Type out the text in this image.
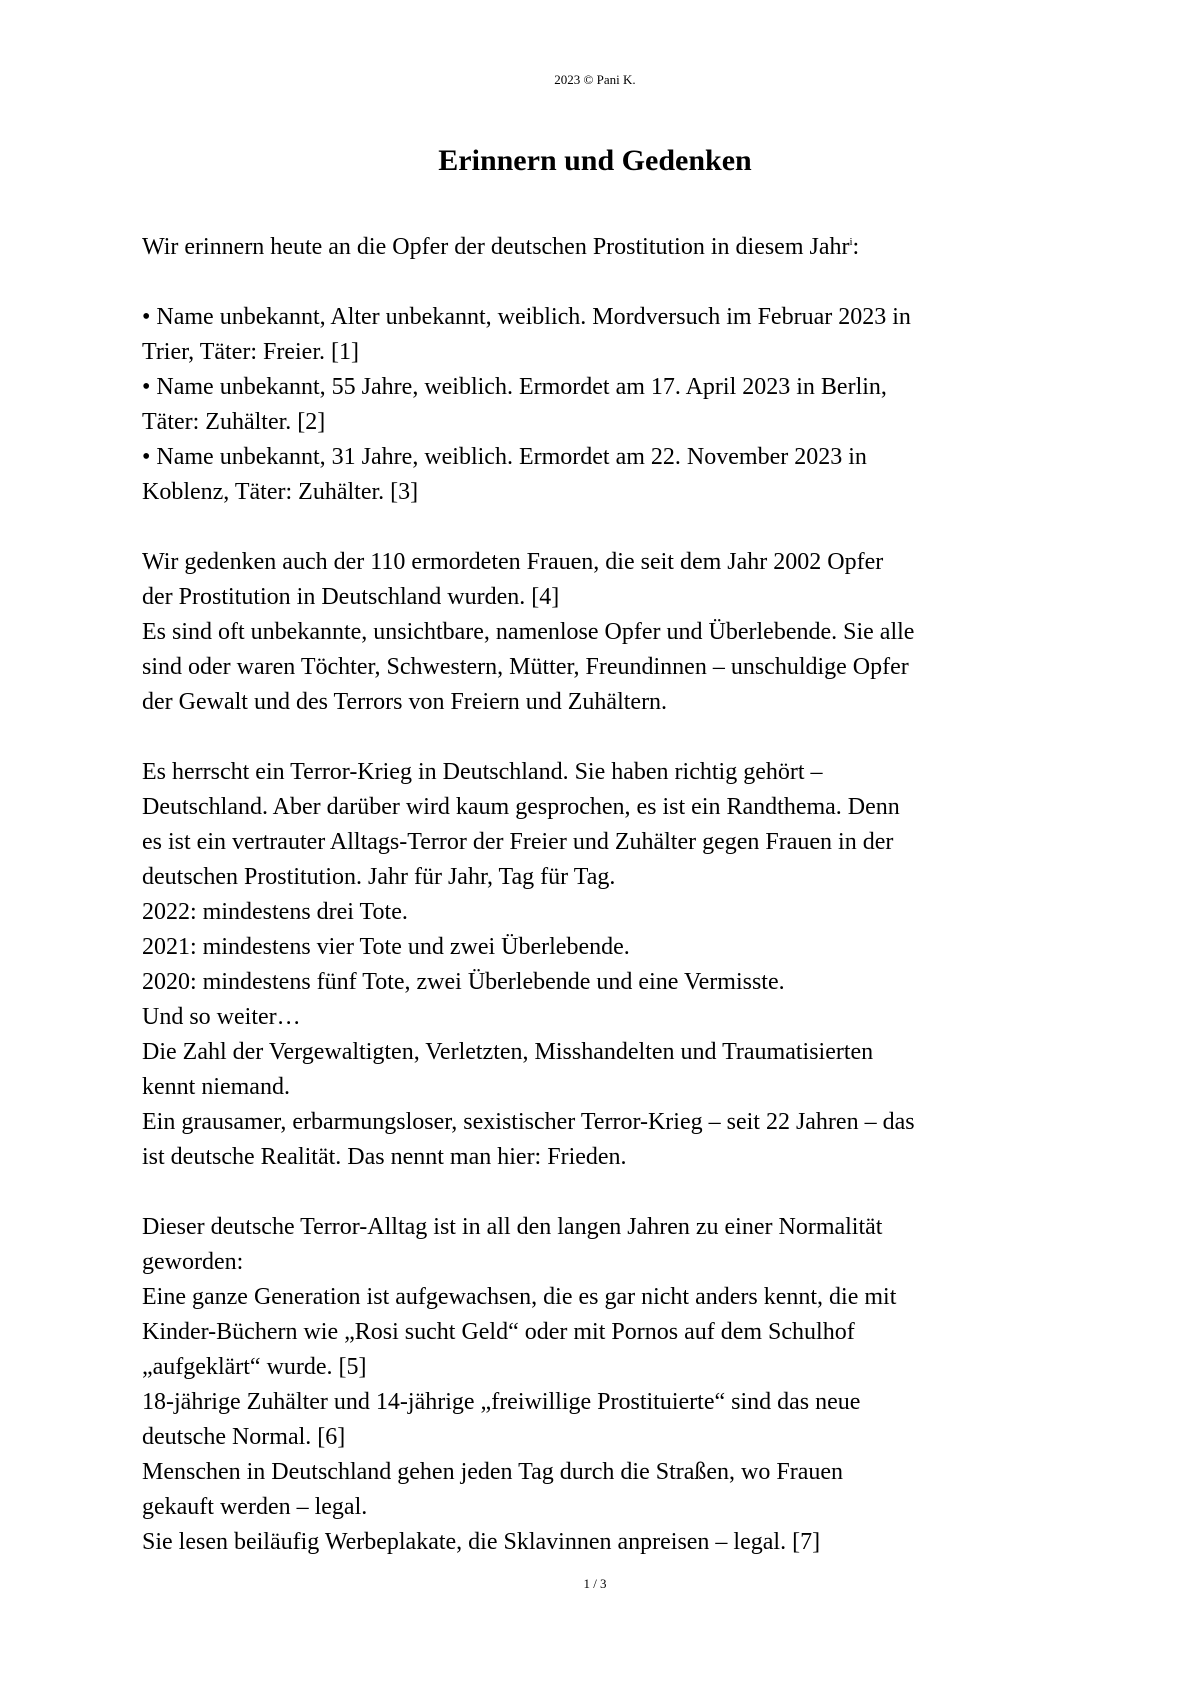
2023 © Pani K.
Erinnern und Gedenken
Wir erinnern heute an die Opfer der deutschen Prostitution in diesem Jahr$^i$:
• Name unbekannt, Alter unbekannt, weiblich. Mordversuch im Februar 2023 in
Trier, Täter: Freier. [1]
• Name unbekannt, 55 Jahre, weiblich. Ermordet am 17. April 2023 in Berlin,
Täter: Zuhälter. [2]
• Name unbekannt, 31 Jahre, weiblich. Ermordet am 22. November 2023 in
Koblenz, Täter: Zuhälter. [3]
Wir gedenken auch der 110 ermordeten Frauen, die seit dem Jahr 2002 Opfer
der Prostitution in Deutschland wurden. [4]
Es sind oft unbekannte, unsichtbare, namenlose Opfer und Überlebende. Sie alle
sind oder waren Töchter, Schwestern, Mütter, Freundinnen – unschuldige Opfer
der Gewalt und des Terrors von Freiern und Zuhältern.
Es herrscht ein Terror-Krieg in Deutschland. Sie haben richtig gehört –
Deutschland. Aber darüber wird kaum gesprochen, es ist ein Randthema. Denn
es ist ein vertrauter Alltags-Terror der Freier und Zuhälter gegen Frauen in der
deutschen Prostitution. Jahr für Jahr, Tag für Tag.
2022: mindestens drei Tote.
2021: mindestens vier Tote und zwei Überlebende.
2020: mindestens fünf Tote, zwei Überlebende und eine Vermisste.
Und so weiter…
Die Zahl der Vergewaltigten, Verletzten, Misshandelten und Traumatisierten
kennt niemand.
Ein grausamer, erbarmungsloser, sexistischer Terror-Krieg – seit 22 Jahren – das
ist deutsche Realität. Das nennt man hier: Frieden.
Dieser deutsche Terror-Alltag ist in all den langen Jahren zu einer Normalität
geworden:
Eine ganze Generation ist aufgewachsen, die es gar nicht anders kennt, die mit
Kinder-Büchern wie „Rosi sucht Geld“ oder mit Pornos auf dem Schulhof
„aufgeklärt“ wurde. [5]
18-jährige Zuhälter und 14-jährige „freiwillige Prostituierte“ sind das neue
deutsche Normal. [6]
Menschen in Deutschland gehen jeden Tag durch die Straßen, wo Frauen
gekauft werden – legal.
Sie lesen beiläufig Werbeplakate, die Sklavinnen anpreisen – legal. [7]
1 / 3
